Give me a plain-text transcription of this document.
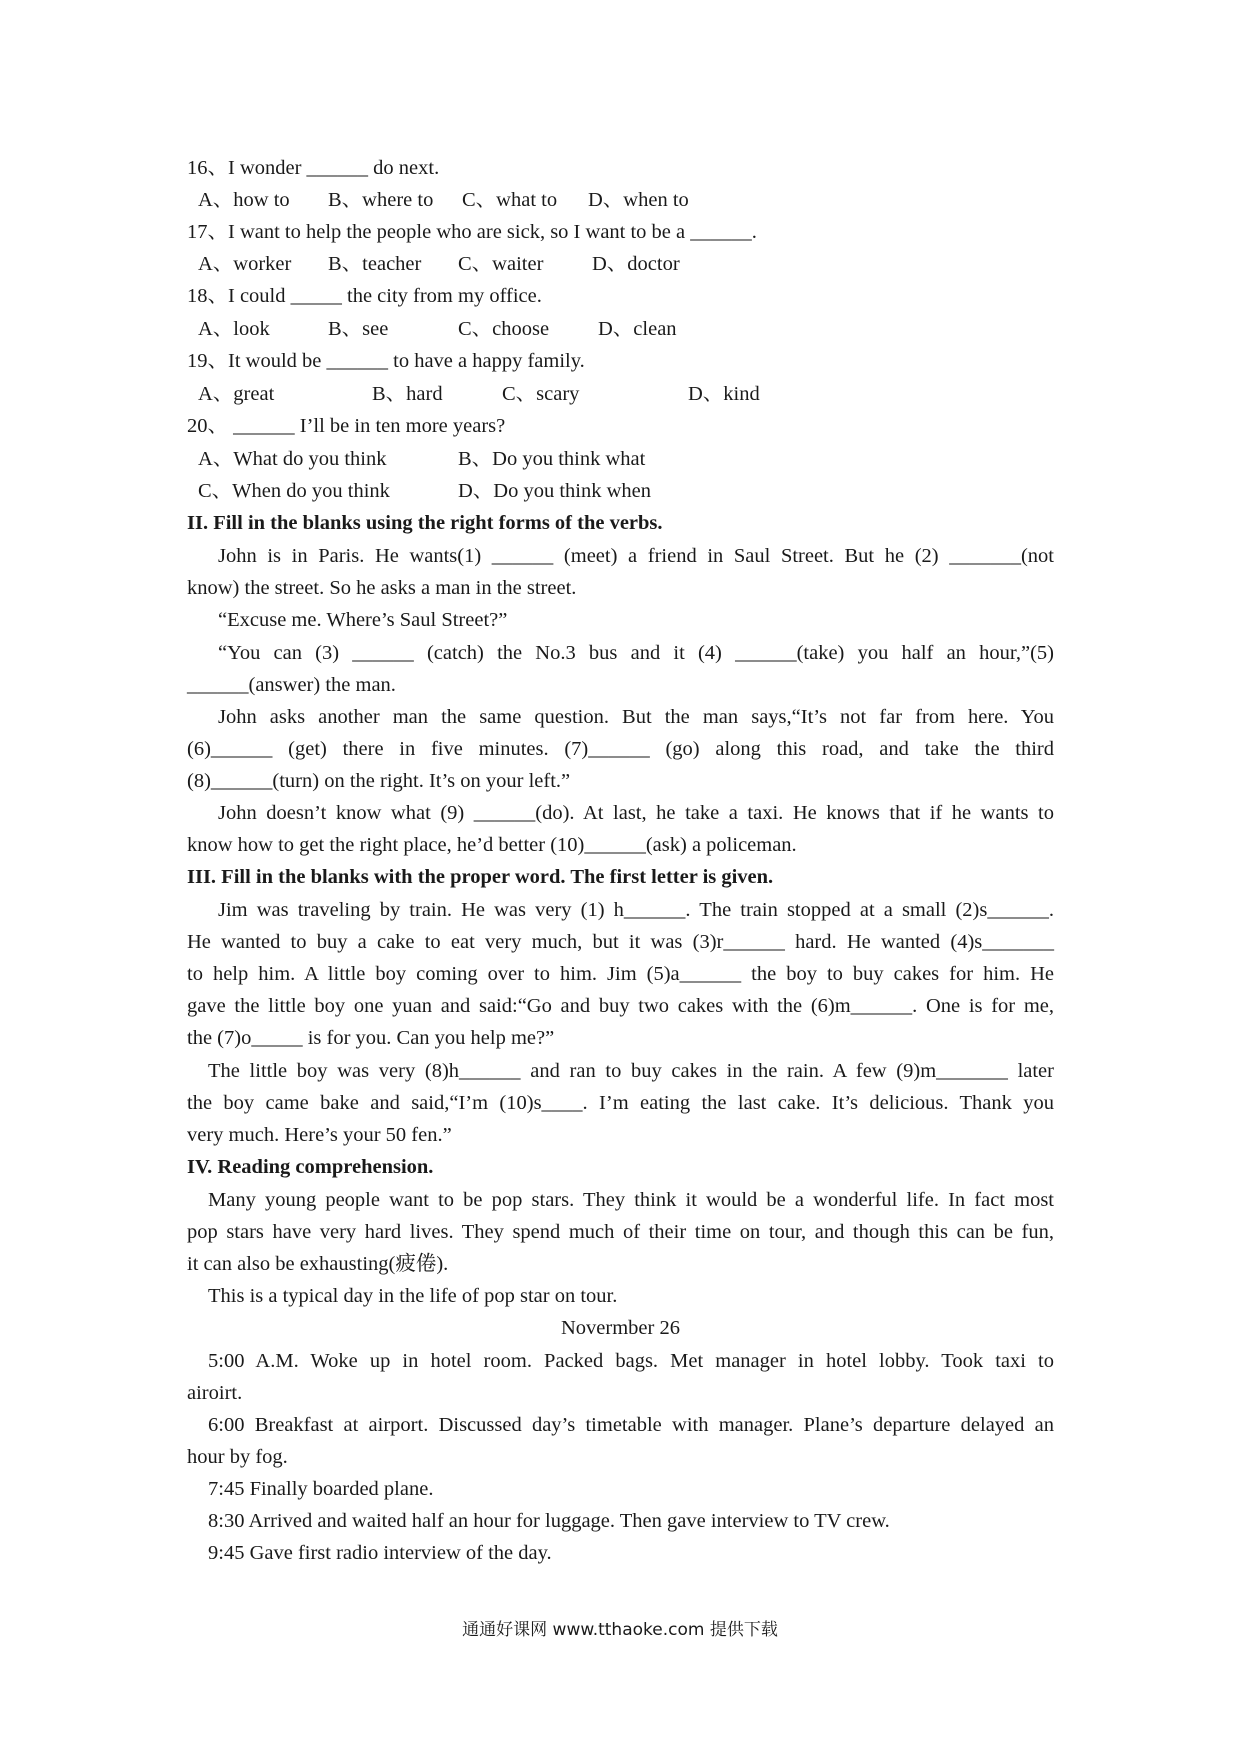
16、I wonder ______ do next.
A、how to B、where to C、what to D、when to
17、I want to help the people who are sick, so I want to be a ______.
A、worker B、teacher C、waiter D、doctor
18、I could _____ the city from my office.
A、look	B、see	C、choose D、clean
19、It would be ______ to have a happy family.
A、great	B、hard	C、scary	D、kind
20、 ______ I’ll be in ten more years?
A、What do you think	B、Do you think what
C、When do you think	D、Do you think when
II. Fill in the blanks using the right forms of the verbs.
John is in Paris. He wants(1) ______ (meet) a friend in Saul Street. But he (2) _______(not
know) the street. So he asks a man in the street.
“Excuse me. Where’s Saul Street?”
“You can (3) ______ (catch) the No.3 bus and it (4) ______(take) you half an hour,”(5)
______(answer) the man.
John asks another man the same question. But the man says,“It’s not far from here. You
(6)______ (get) there in five minutes. (7)______ (go) along this road, and take the third
(8)______(turn) on the right. It’s on your left.”
John doesn’t know what (9) ______(do). At last, he take a taxi. He knows that if he wants to
know how to get the right place, he’d better (10)______(ask) a policeman.
III. Fill in the blanks with the proper word. The first letter is given.
Jim was traveling by train. He was very (1) h______. The train stopped at a small (2)s______.
He wanted to buy a cake to eat very much, but it was (3)r______ hard. He wanted (4)s_______
to help him. A little boy coming over to him. Jim (5)a______ the boy to buy cakes for him. He
gave the little boy one yuan and said:“Go and buy two cakes with the (6)m______. One is for me,
the (7)o_____ is for you. Can you help me?”
The little boy was very (8)h______ and ran to buy cakes in the rain. A few (9)m_______ later
the boy came bake and said,“I’m (10)s____. I’m eating the last cake. It’s delicious. Thank you
very much. Here’s your 50 fen.”
IV. Reading comprehension.
Many young people want to be pop stars. They think it would be a wonderful life. In fact most
pop stars have very hard lives. They spend much of their time on tour, and though this can be fun,
it can also be exhausting(疲倦).
This is a typical day in the life of pop star on tour.
Novermber 26
5:00 A.M. Woke up in hotel room. Packed bags. Met manager in hotel lobby. Took taxi to
airoirt.
6:00 Breakfast at airport. Discussed day’s timetable with manager. Plane’s departure delayed an
hour by fog.
7:45 Finally boarded plane.
8:30 Arrived and waited half an hour for luggage. Then gave interview to TV crew.
9:45 Gave first radio interview of the day.
通通好课网 www.tthaoke.com 提供下载
